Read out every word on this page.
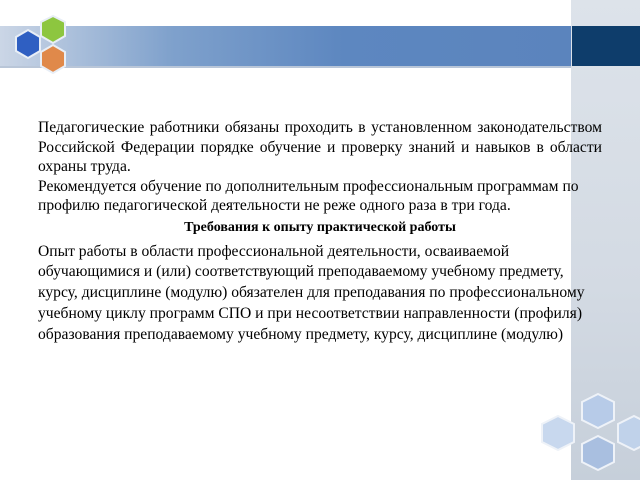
Педагогические работники обязаны проходить в установленном законодательством Российской Федерации порядке обучение и проверку знаний и навыков в области охраны труда.

Рекомендуется обучение по дополнительным профессиональным программам по профилю педагогической деятельности не реже одного раза в три года.

Требования к опыту практической работы

Опыт работы в области профессиональной деятельности, осваиваемой обучающимися и (или) соответствующий преподаваемому учебному предмету, курсу, дисциплине (модулю) обязателен для преподавания по профессиональному учебному циклу программ СПО и при несоответствии направленности (профиля) образования преподаваемому учебному предмету, курсу, дисциплине (модулю)
